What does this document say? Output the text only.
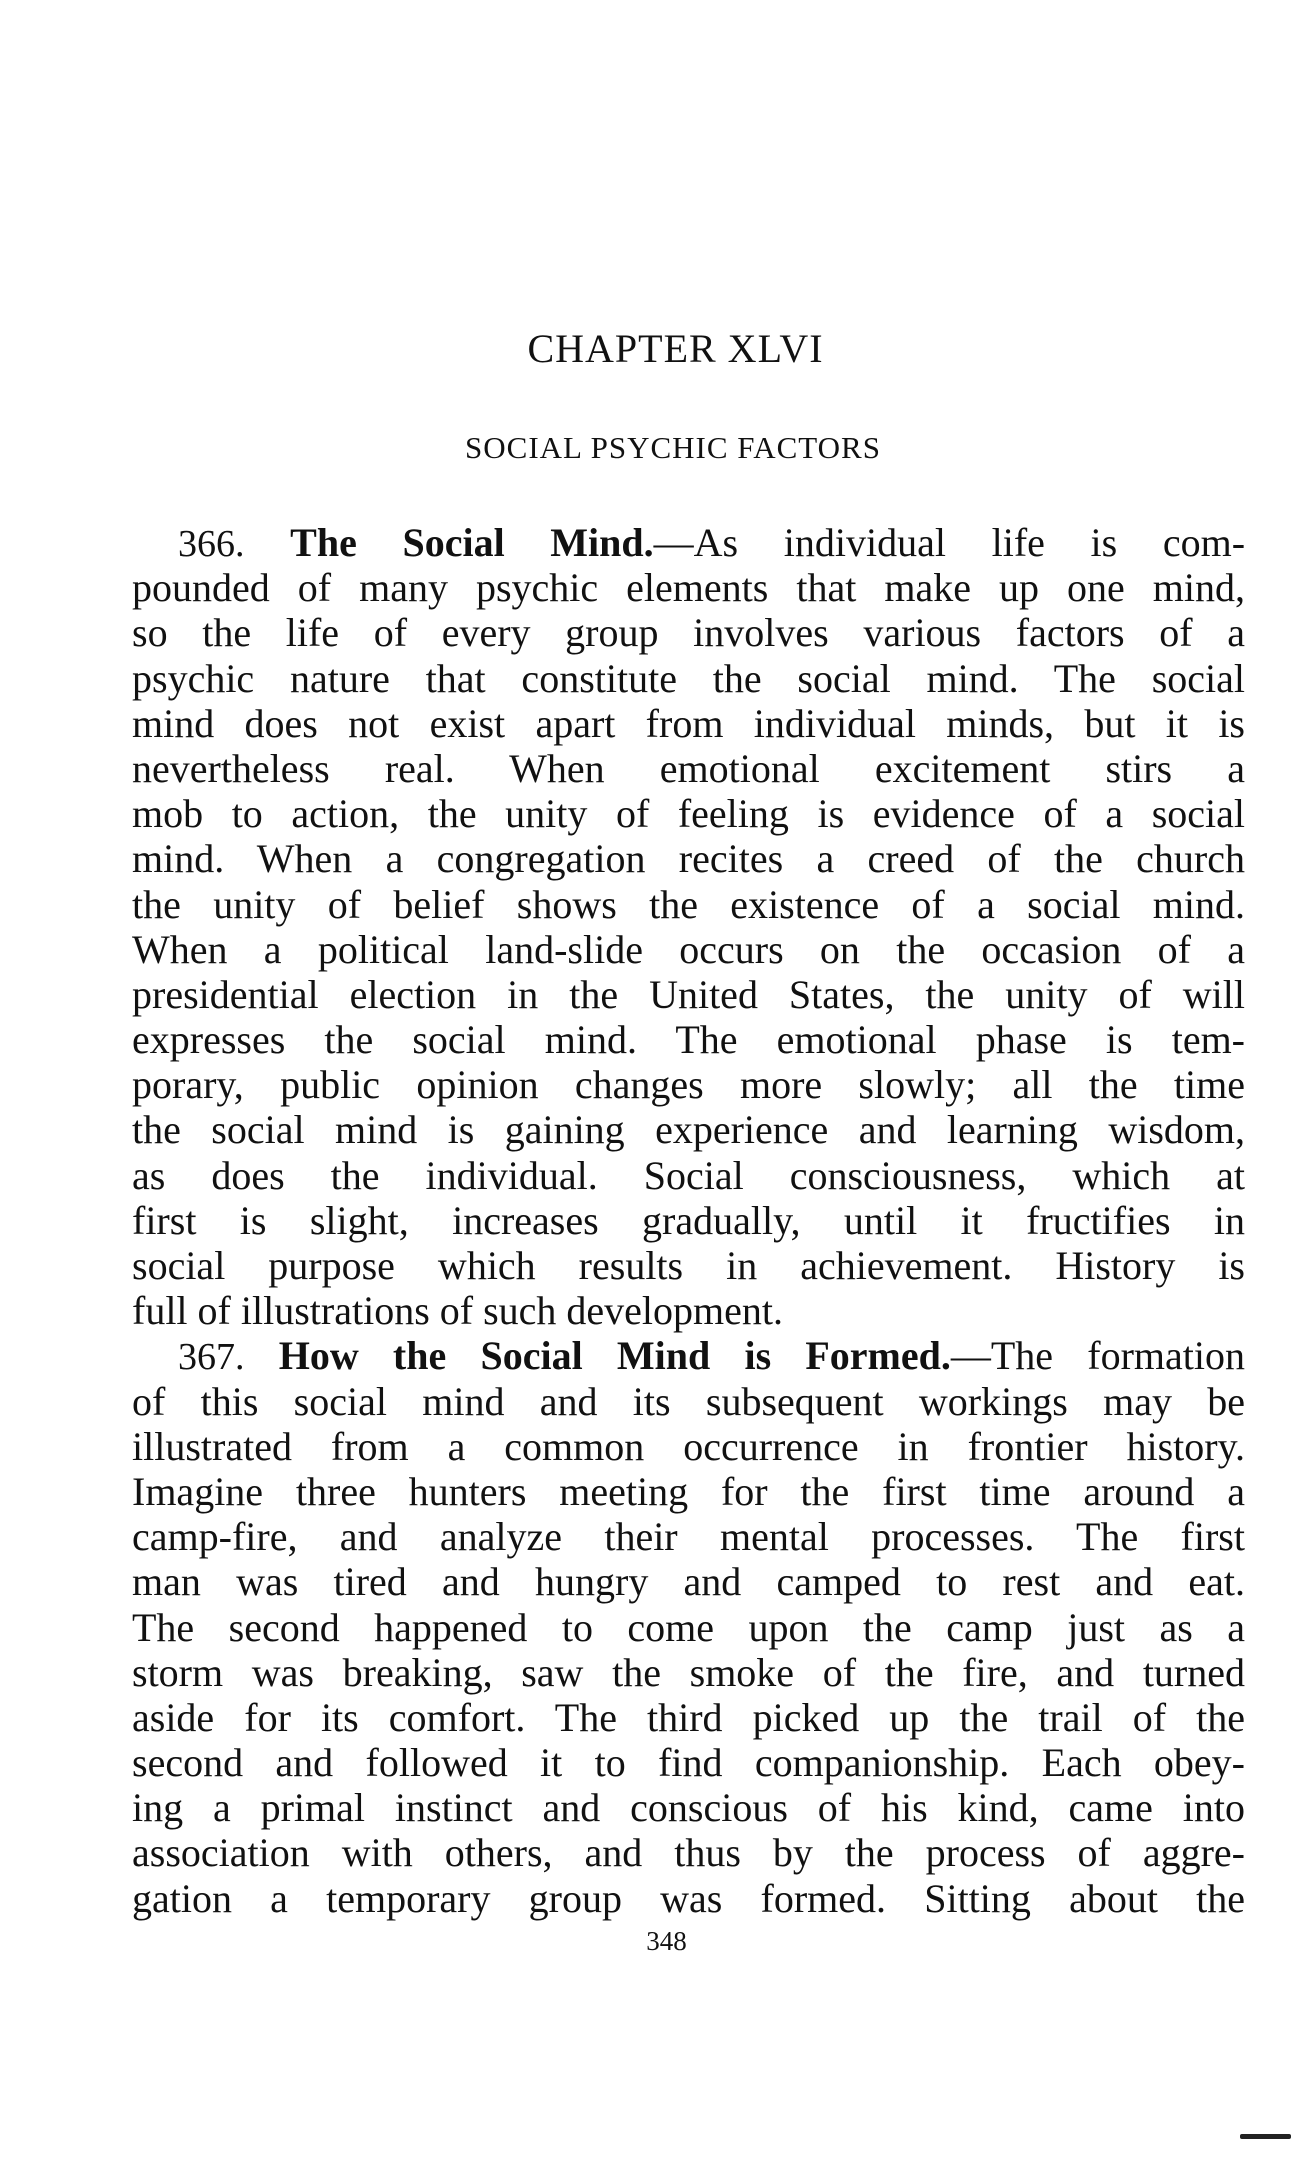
CHAPTER XLVI
SOCIAL PSYCHIC FACTORS
366. The Social Mind.—As individual life is com-
pounded of many psychic elements that make up one mind,
so the life of every group involves various factors of a
psychic nature that constitute the social mind. The social
mind does not exist apart from individual minds, but it is
nevertheless real. When emotional excitement stirs a
mob to action, the unity of feeling is evidence of a social
mind. When a congregation recites a creed of the church
the unity of belief shows the existence of a social mind.
When a political land-slide occurs on the occasion of a
presidential election in the United States, the unity of will
expresses the social mind. The emotional phase is tem-
porary, public opinion changes more slowly; all the time
the social mind is gaining experience and learning wisdom,
as does the individual. Social consciousness, which at
first is slight, increases gradually, until it fructifies in
social purpose which results in achievement. History is
full of illustrations of such development.
367. How the Social Mind is Formed.—The formation
of this social mind and its subsequent workings may be
illustrated from a common occurrence in frontier history.
Imagine three hunters meeting for the first time around a
camp-fire, and analyze their mental processes. The first
man was tired and hungry and camped to rest and eat.
The second happened to come upon the camp just as a
storm was breaking, saw the smoke of the fire, and turned
aside for its comfort. The third picked up the trail of the
second and followed it to find companionship. Each obey-
ing a primal instinct and conscious of his kind, came into
association with others, and thus by the process of aggre-
gation a temporary group was formed. Sitting about the
348
